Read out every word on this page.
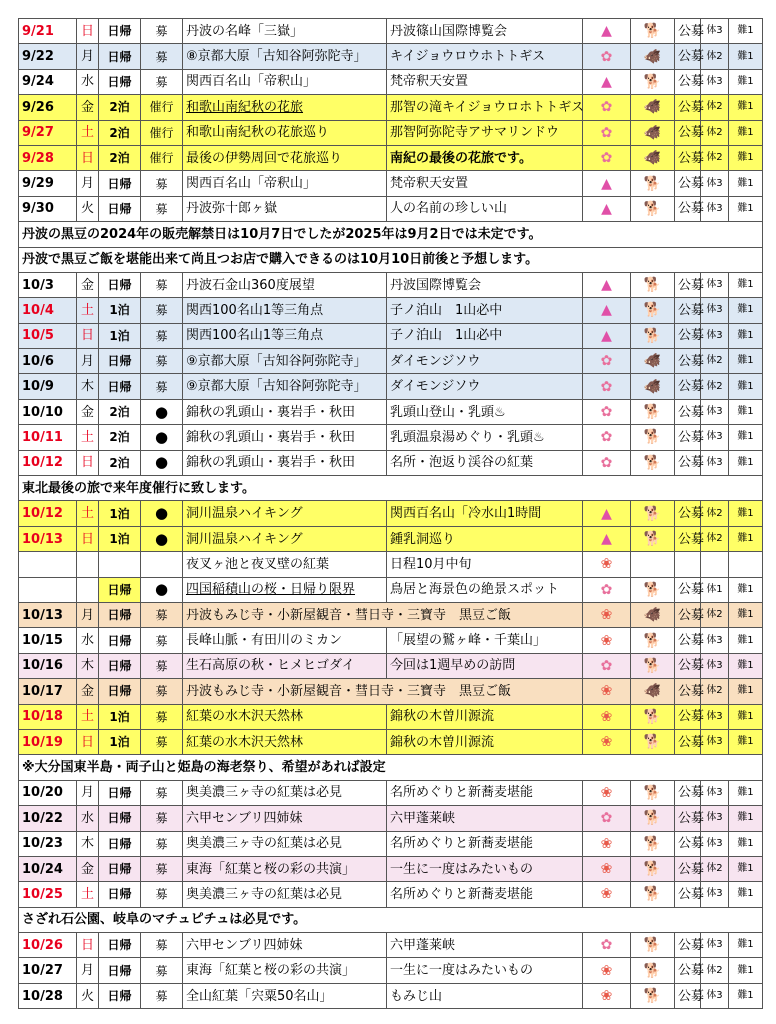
9/21	日	日帰	募	丹波の名峰「三嶽」	丹波篠山国際博覧会	▲	🐕	公募	体3	難1	
9/22	月	日帰	募	⑧京都大原「古知谷阿弥陀寺」	キイジョウロウホトトギス	✿	🐗	公募	体2	難1	
9/24	水	日帰	募	関西百名山「帝釈山」	梵帝釈天安置	▲	🐕	公募	体3	難1	
9/26	金	2泊	催行	和歌山南紀秋の花旅	那智の滝キイジョウロホトトギス	✿	🐗	公募	体2	難1	
9/27	土	2泊	催行	和歌山南紀秋の花旅巡り	那智阿弥陀寺アサマリンドウ	✿	🐗	公募	体2	難1	
9/28	日	2泊	催行	最後の伊勢周回で花旅巡り	南紀の最後の花旅です。	✿	🐗	公募	体2	難1	
9/29	月	日帰	募	関西百名山「帝釈山」	梵帝釈天安置	▲	🐕	公募	体3	難1	
9/30	火	日帰	募	丹波弥十郎ヶ嶽	人の名前の珍しい山	▲	🐕	公募	体3	難1	
丹波の黒豆の2024年の販売解禁日は10月7日でしたが2025年は9月2日では未定です。											
丹波で黒豆ご飯を堪能出来て尚且つお店で購入できるのは10月10日前後と予想します。											
10/3	金	日帰	募	丹波石金山360度展望	丹波国際博覧会	▲	🐕	公募	体3	難1	
10/4	土	1泊	募	関西100名山1等三角点	子ノ泊山　1山必中	▲	🐕	公募	体3	難1	
10/5	日	1泊	募	関西100名山1等三角点	子ノ泊山　1山必中	▲	🐕	公募	体3	難1	
10/6	月	日帰	募	⑨京都大原「古知谷阿弥陀寺」	ダイモンジソウ	✿	🐗	公募	体2	難1	
10/9	木	日帰	募	⑨京都大原「古知谷阿弥陀寺」	ダイモンジソウ	✿	🐗	公募	体2	難1	
10/10	金	2泊	●	錦秋の乳頭山・裏岩手・秋田	乳頭山登山・乳頭♨	✿	🐕	公募	体3	難1	
10/11	土	2泊	●	錦秋の乳頭山・裏岩手・秋田	乳頭温泉湯めぐり・乳頭♨	✿	🐕	公募	体3	難1	
10/12	日	2泊	●	錦秋の乳頭山・裏岩手・秋田	名所・泡返り渓谷の紅葉	✿	🐕	公募	体3	難1	
東北最後の旅で来年度催行に致します。											
10/12	土	1泊	●	洞川温泉ハイキング	関西百名山「冷水山1時間	▲	🐕	公募	体2	難1	
10/13	日	1泊	●	洞川温泉ハイキング	鍾乳洞巡り	▲	🐕	公募	体2	難1	
				夜叉ヶ池と夜叉壁の紅葉	日程10月中旬	❀					
		日帰	●	四国稲積山の桜・日帰り限界	鳥居と海景色の絶景スポット	✿	🐕	公募	体1	難1	
10/13	月	日帰	募	丹波もみじ寺・小新屋観音・彗日寺・三寶寺　黒豆ご飯		❀	🐗	公募	体2	難1	
10/15	水	日帰	募	長峰山脈・有田川のミカン	「展望の鷲ヶ峰・千葉山」	❀	🐕	公募	体3	難1	
10/16	木	日帰	募	生石高原の秋・ヒメヒゴダイ	今回は1週早めの訪問	✿	🐕	公募	体3	難1	
10/17	金	日帰	募	丹波もみじ寺・小新屋観音・彗日寺・三寶寺　黒豆ご飯		❀	🐗	公募	体2	難1	
10/18	土	1泊	募	紅葉の水木沢天然林	錦秋の木曽川源流	❀	🐕	公募	体3	難1	
10/19	日	1泊	募	紅葉の水木沢天然林	錦秋の木曽川源流	❀	🐕	公募	体3	難1	
※大分国東半島・両子山と姫島の海老祭り、希望があれば設定											
10/20	月	日帰	募	奥美濃三ヶ寺の紅葉は必見	名所めぐりと新蕎麦堪能	❀	🐕	公募	体3	難1	
10/22	水	日帰	募	六甲センブリ四姉妹	六甲蓬莱峡	✿	🐕	公募	体3	難1	
10/23	木	日帰	募	奥美濃三ヶ寺の紅葉は必見	名所めぐりと新蕎麦堪能	❀	🐕	公募	体3	難1	
10/24	金	日帰	募	東海「紅葉と桜の彩の共演」	一生に一度はみたいもの	❀	🐕	公募	体2	難1	
10/25	土	日帰	募	奥美濃三ヶ寺の紅葉は必見	名所めぐりと新蕎麦堪能	❀	🐕	公募	体3	難1	
さざれ石公園、岐阜のマチュピチュは必見です。											
10/26	日	日帰	募	六甲センブリ四姉妹	六甲蓬莱峡	✿	🐕	公募	体3	難1	
10/27	月	日帰	募	東海「紅葉と桜の彩の共演」	一生に一度はみたいもの	❀	🐕	公募	体2	難1	
10/28	火	日帰	募	全山紅葉「宍粟50名山」	もみじ山	❀	🐕	公募	体3	難1	
